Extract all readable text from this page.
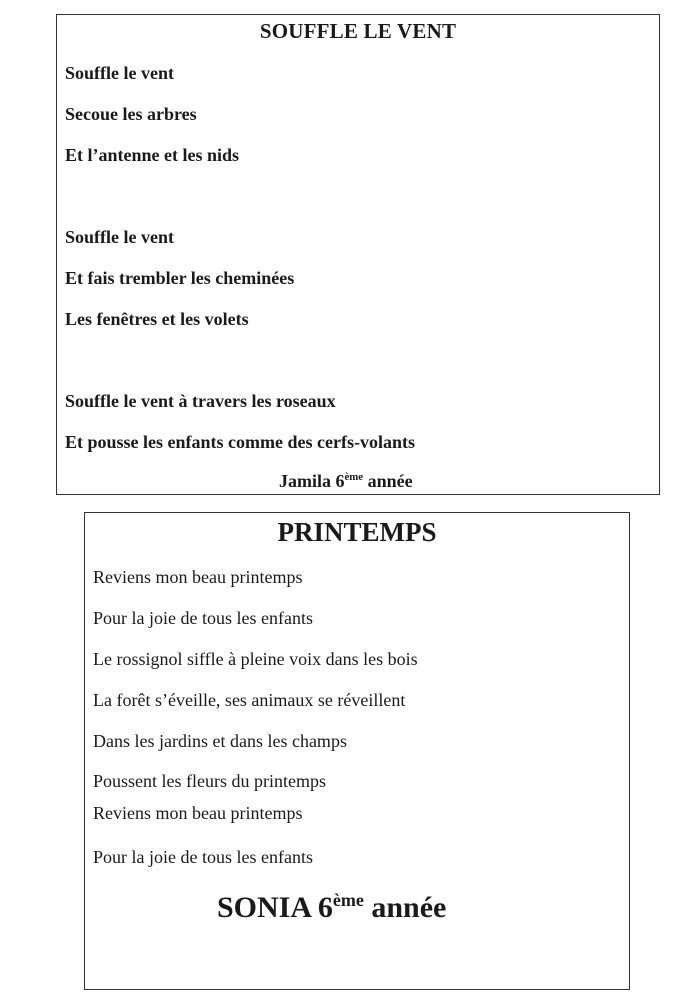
SOUFFLE LE VENT

Souffle le vent

Secoue les arbres

Et l’antenne et les nids

Souffle le vent

Et fais trembler les cheminées

Les fenêtres et les volets

Souffle le vent à travers les roseaux

Et pousse les enfants comme des cerfs-volants

Jamila 6ème année

PRINTEMPS

Reviens mon beau printemps

Pour la joie de tous les enfants

Le rossignol siffle à pleine voix dans les bois

La forêt s’éveille, ses animaux se réveillent

Dans les jardins et dans les champs

Poussent les fleurs du printemps

Reviens mon beau printemps

Pour la joie de tous les enfants

SONIA 6ème année
